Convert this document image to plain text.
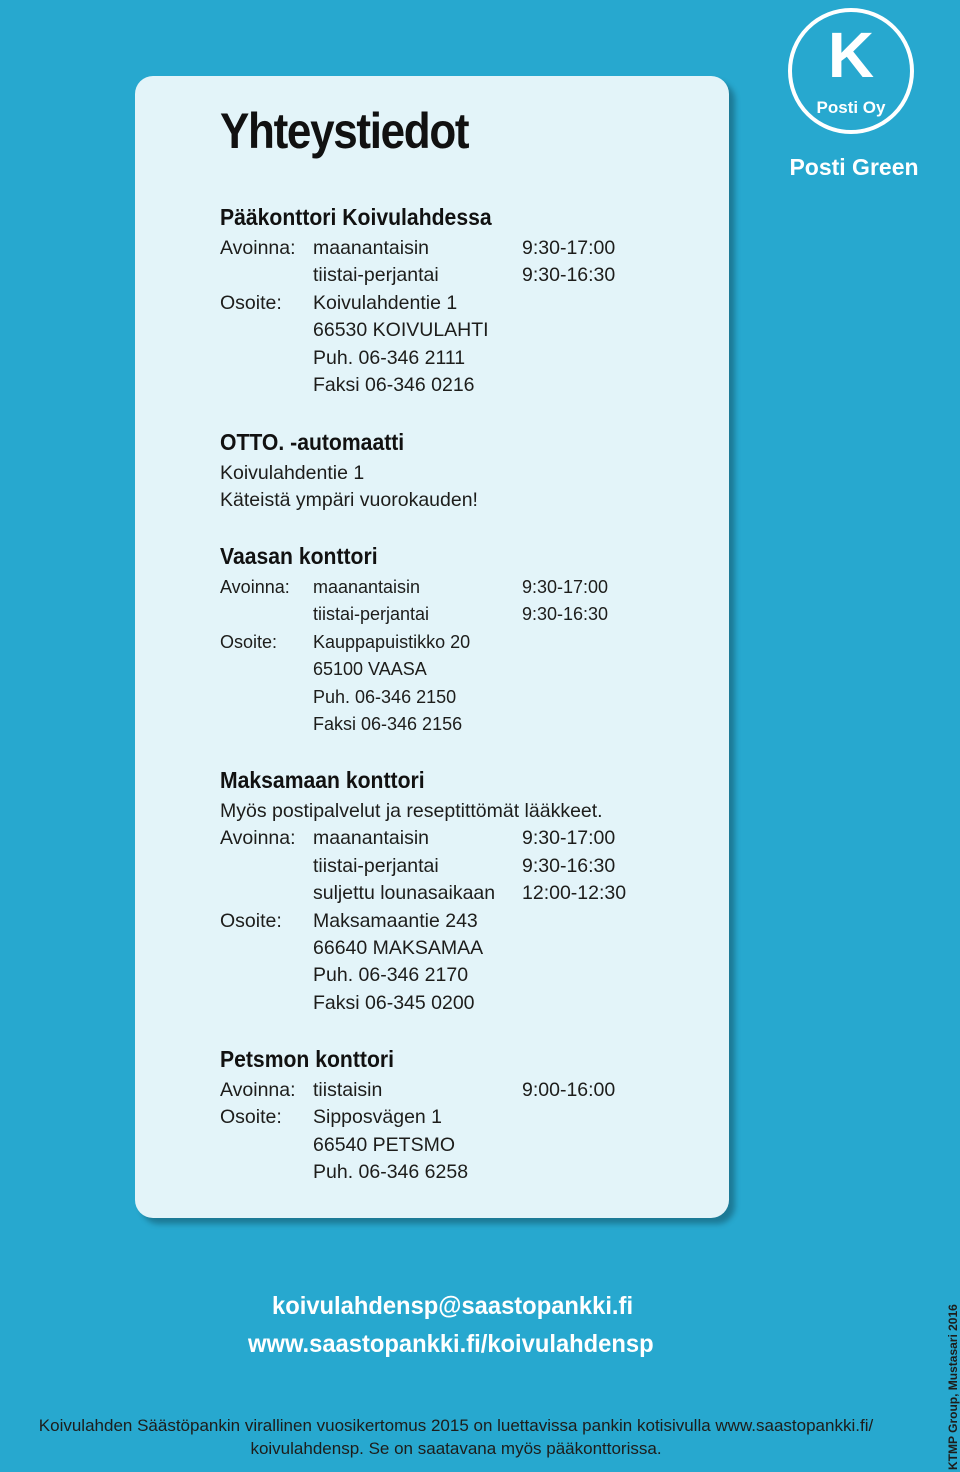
Yhteystiedot
Pääkonttori Koivulahdessa
Avoinna: maanantaisin	9:30-17:00
tiistai-perjantai	9:30-16:30
Osoite: Koivulahdentie 1
66530 KOIVULAHTI
Puh. 06-346 2111
Faksi 06-346 0216
OTTO. -automaatti
Koivulahdentie 1
Käteistä ympäri vuorokauden!
Vaasan konttori
Avoinna: maanantaisin	9:30-17:00
tiistai-perjantai	9:30-16:30
Osoite: Kauppapuistikko 20
65100 VAASA
Puh. 06-346 2150
Faksi 06-346 2156
Maksamaan konttori
Myös postipalvelut ja reseptittömät lääkkeet.
Avoinna: maanantaisin	9:30-17:00
tiistai-perjantai	9:30-16:30
suljettu lounasaikaan 12:00-12:30
Osoite: Maksamaantie 243
66640 MAKSAMAA
Puh. 06-346 2170
Faksi 06-345 0200
Petsmon konttori
Avoinna: tiistaisin	9:00-16:00
Osoite: Sipposvägen 1
66540 PETSMO
Puh. 06-346 6258
K
Posti Oy
Posti Green
koivulahdensp@saastopankki.fi
www.saastopankki.fi/koivulahdensp
Koivulahden Säästöpankin virallinen vuosikertomus 2015 on luettavissa pankin kotisivulla www.saastopankki.fi/
koivulahdensp. Se on saatavana myös pääkonttorissa.	KTMP Group, Mustasari 2016
